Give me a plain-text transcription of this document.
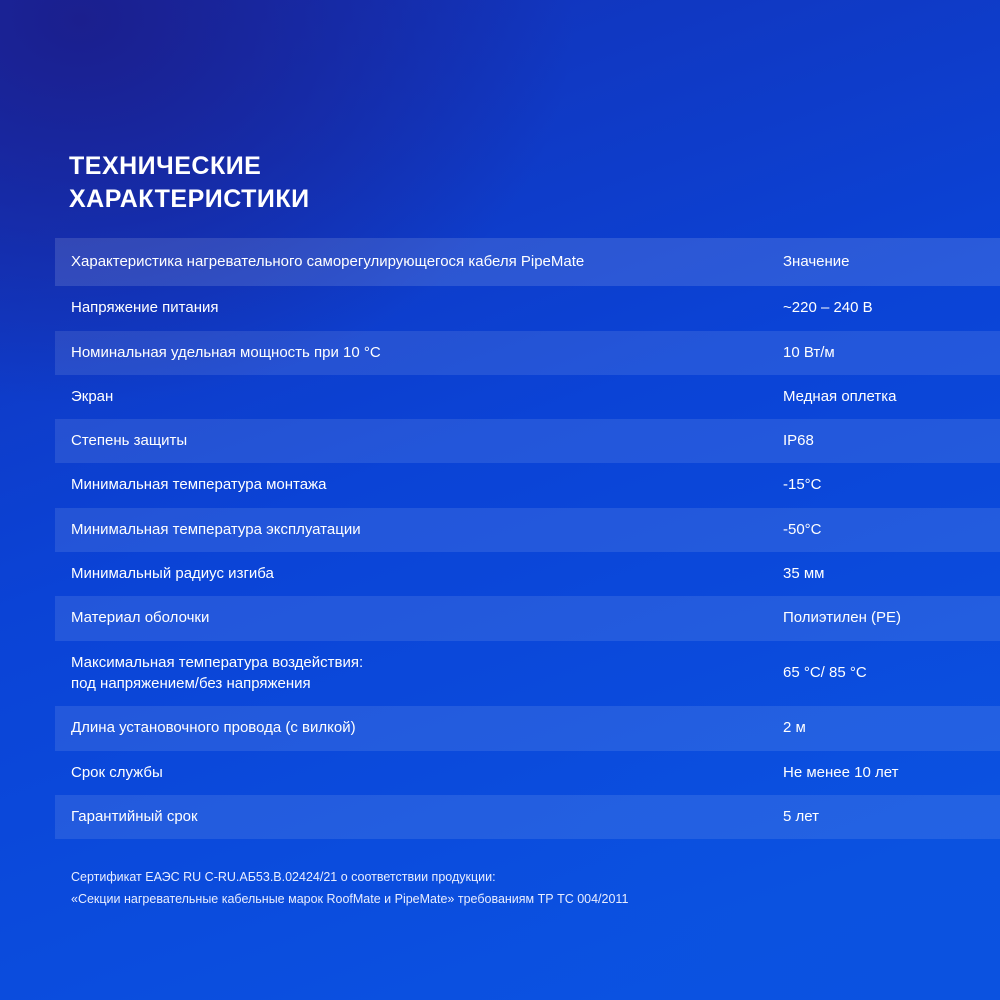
ТЕХНИЧЕСКИЕ
ХАРАКТЕРИСТИКИ
Характеристика нагревательного саморегулирующегося кабеля PipeMate	Значение
Напряжение питания	~220 – 240 В
Номинальная удельная мощность при 10 °С	10 Вт/м
Экран	Медная оплетка
Степень защиты	IP68
Минимальная температура монтажа	-15°С
Минимальная температура эксплуатации	-50°С
Минимальный радиус изгиба	35 мм
Материал оболочки	Полиэтилен (PE)

Максимальная температура воздействия:
под напряжением/без напряжения	65 °С/ 85 °С
Длина установочного провода (с вилкой)	2 м
Срок службы	Не менее 10 лет
Гарантийный срок	5 лет
Сертификат ЕАЭС RU C-RU.АБ53.В.02424/21 о соответствии продукции:
«Секции нагревательные кабельные марок RoofMate и PipeMate» требованиям ТР ТС 004/2011
